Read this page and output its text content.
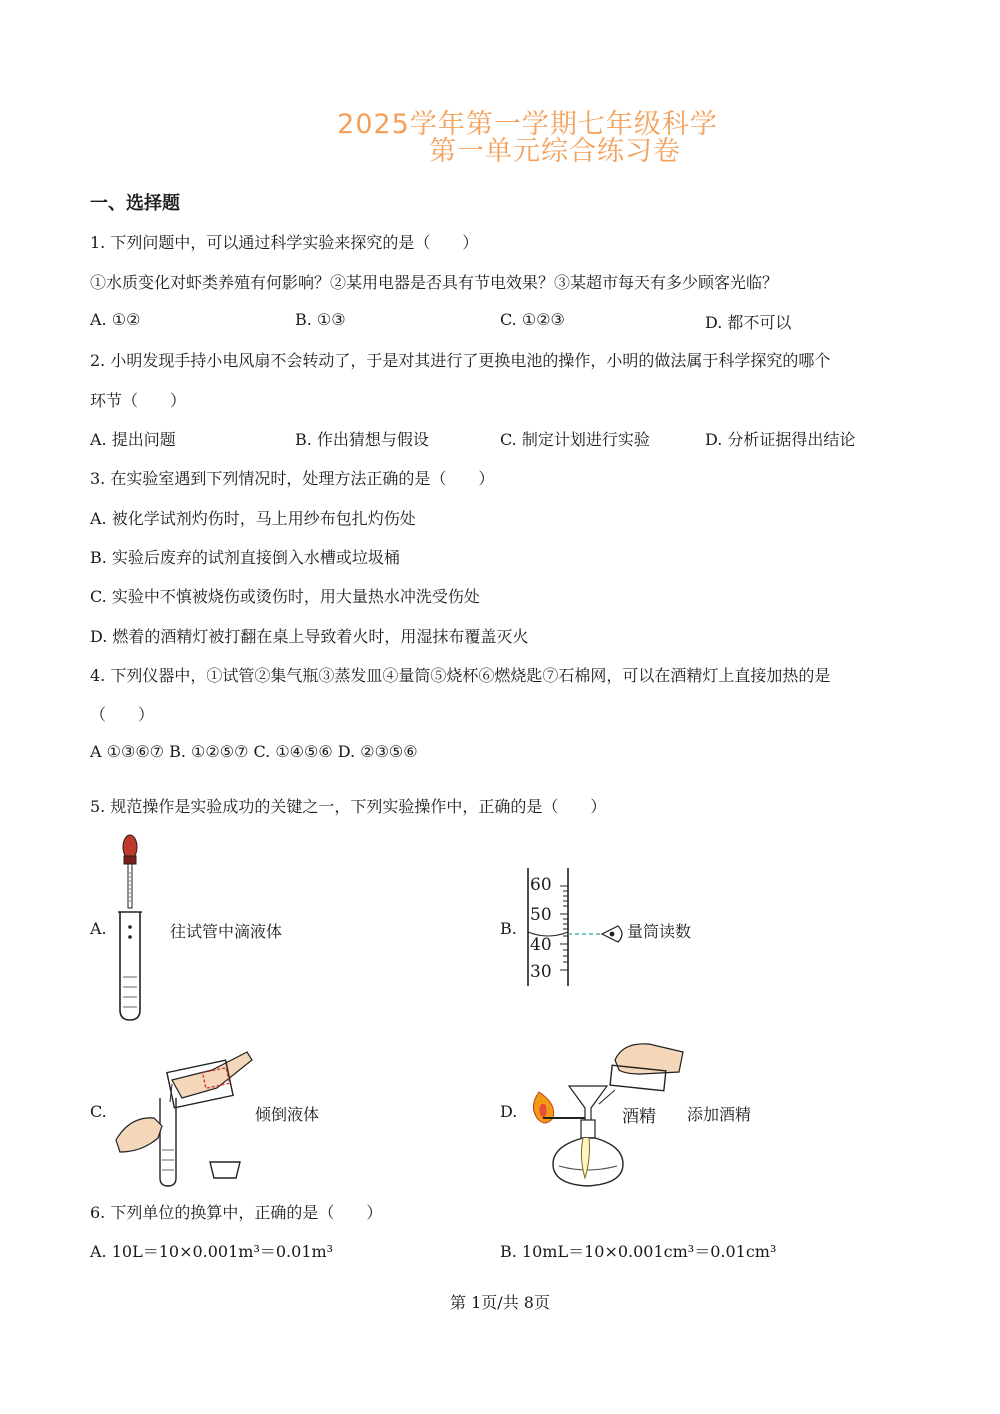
2025学年第一学期七年级科学
第一单元综合练习卷
一、选择题
1. 下列问题中，可以通过科学实验来探究的是（　　）
①水质变化对虾类养殖有何影响？②某用电器是否具有节电效果？③某超市每天有多少顾客光临？
A. ①②	B. ①③	C. ①②③	D. 都不可以
2. 小明发现手持小电风扇不会转动了，于是对其进行了更换电池的操作，小明的做法属于科学探究的哪个
环节（　　）
A. 提出问题	B. 作出猜想与假设	C. 制定计划进行实验	D. 分析证据得出结论
3. 在实验室遇到下列情况时，处理方法正确的是（　　）
A. 被化学试剂灼伤时，马上用纱布包扎灼伤处
B. 实验后废弃的试剂直接倒入水槽或垃圾桶
C. 实验中不慎被烧伤或烫伤时，用大量热水冲洗受伤处
D. 燃着的酒精灯被打翻在桌上导致着火时，用湿抹布覆盖灭火
4. 下列仪器中，①试管②集气瓶③蒸发皿④量筒⑤烧杯⑥燃烧匙⑦石棉网，可以在酒精灯上直接加热的是
（　　）
A ①③⑥⑦ B. ①②⑤⑦ C. ①④⑤⑥ D. ②③⑤⑥
5. 规范操作是实验成功的关键之一，下列实验操作中，正确的是（　　）
A.	往试管中滴液体	B.
60
50
40
30
量筒读数
C.	倾倒液体	D.	酒精 添加酒精
6. 下列单位的换算中，正确的是（　　）
A. 10L＝10×0.001m³＝0.01m³	B. 10mL＝10×0.001cm³＝0.01cm³
第 1页/共 8页
